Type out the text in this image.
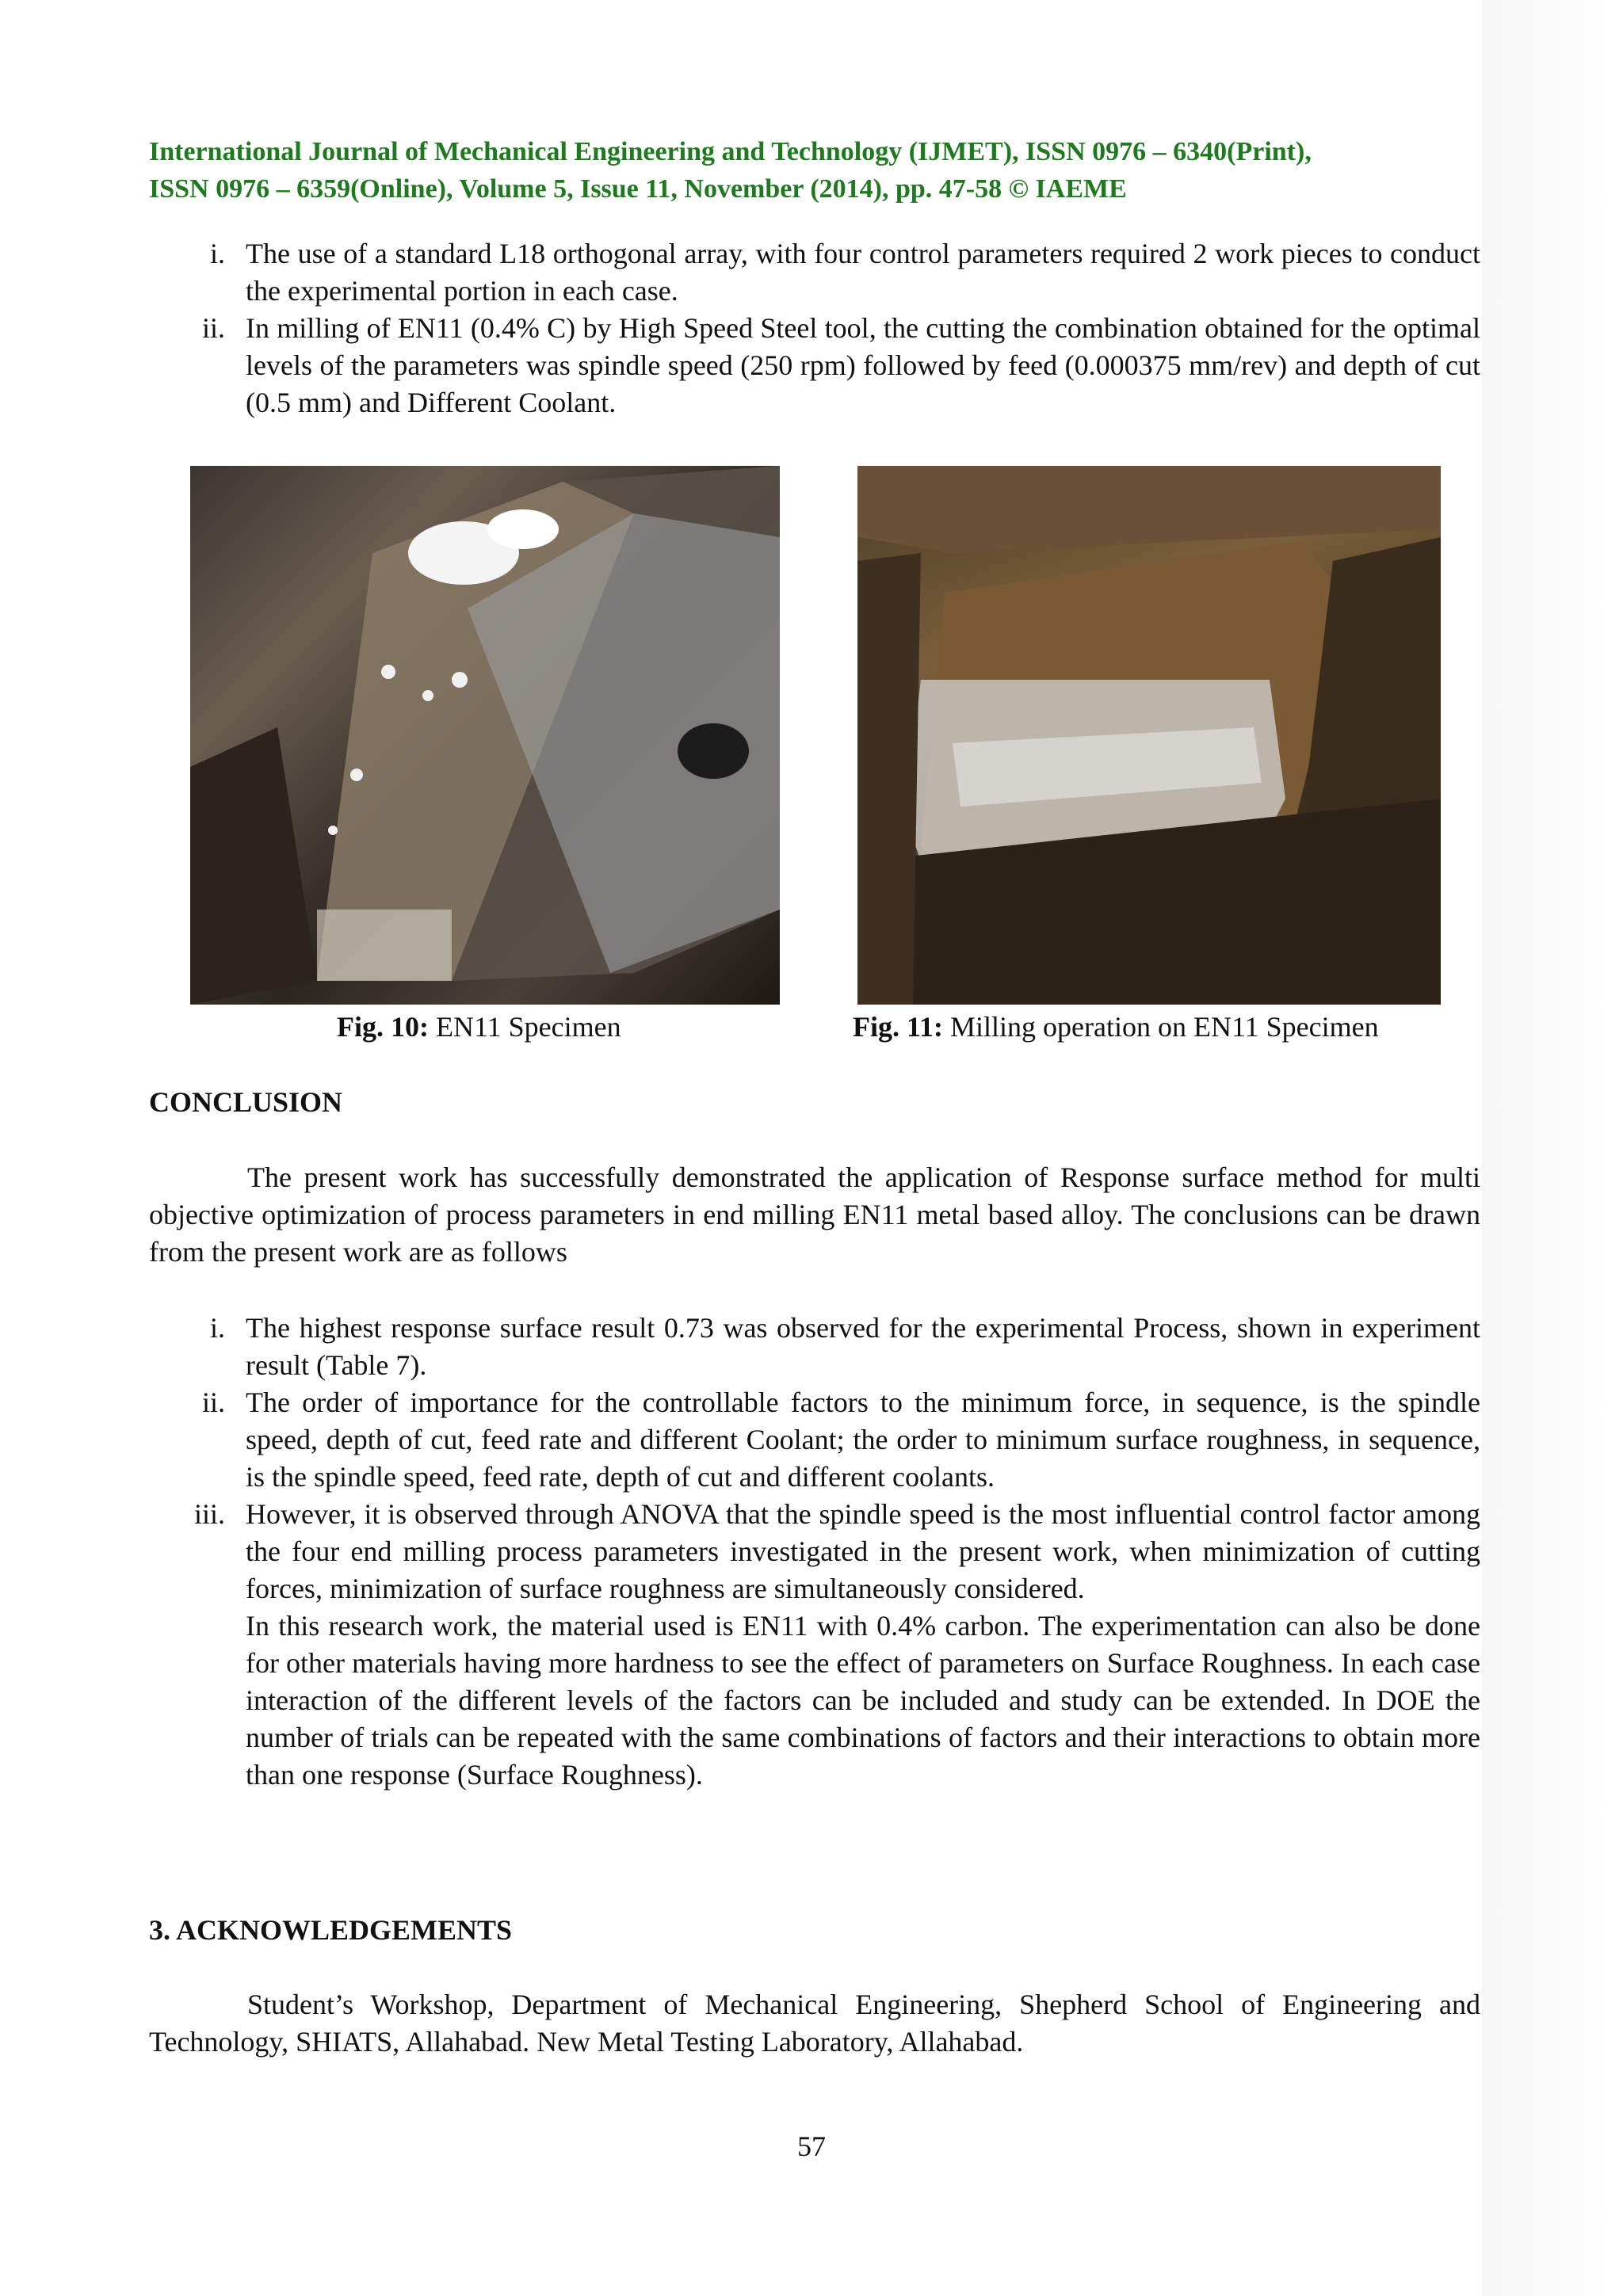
International Journal of Mechanical Engineering and Technology (IJMET), ISSN 0976 – 6340(Print),
ISSN 0976 – 6359(Online), Volume 5, Issue 11, November (2014), pp. 47-58 © IAEME
i. The use of a standard L18 orthogonal array, with four control parameters required 2 work pieces to conduct the experimental portion in each case.
ii. In milling of EN11 (0.4% C) by High Speed Steel tool, the cutting the combination obtained for the optimal levels of the parameters was spindle speed (250 rpm) followed by feed (0.000375 mm/rev) and depth of cut (0.5 mm) and Different Coolant.
Fig. 10: EN11 Specimen	Fig. 11: Milling operation on EN11 Specimen
CONCLUSION
The present work has successfully demonstrated the application of Response surface method for multi objective optimization of process parameters in end milling EN11 metal based alloy. The conclusions can be drawn from the present work are as follows
i. The highest response surface result 0.73 was observed for the experimental Process, shown in experiment result (Table 7).
ii. The order of importance for the controllable factors to the minimum force, in sequence, is the spindle speed, depth of cut, feed rate and different Coolant; the order to minimum surface roughness, in sequence, is the spindle speed, feed rate, depth of cut and different coolants.
iii. However, it is observed through ANOVA that the spindle speed is the most influential control factor among the four end milling process parameters investigated in the present work, when minimization of cutting forces, minimization of surface roughness are simultaneously considered.
In this research work, the material used is EN11 with 0.4% carbon. The experimentation can also be done for other materials having more hardness to see the effect of parameters on Surface Roughness. In each case interaction of the different levels of the factors can be included and study can be extended. In DOE the number of trials can be repeated with the same combinations of factors and their interactions to obtain more than one response (Surface Roughness).
3. ACKNOWLEDGEMENTS
Student’s Workshop, Department of Mechanical Engineering, Shepherd School of Engineering and Technology, SHIATS, Allahabad. New Metal Testing Laboratory, Allahabad.
57
